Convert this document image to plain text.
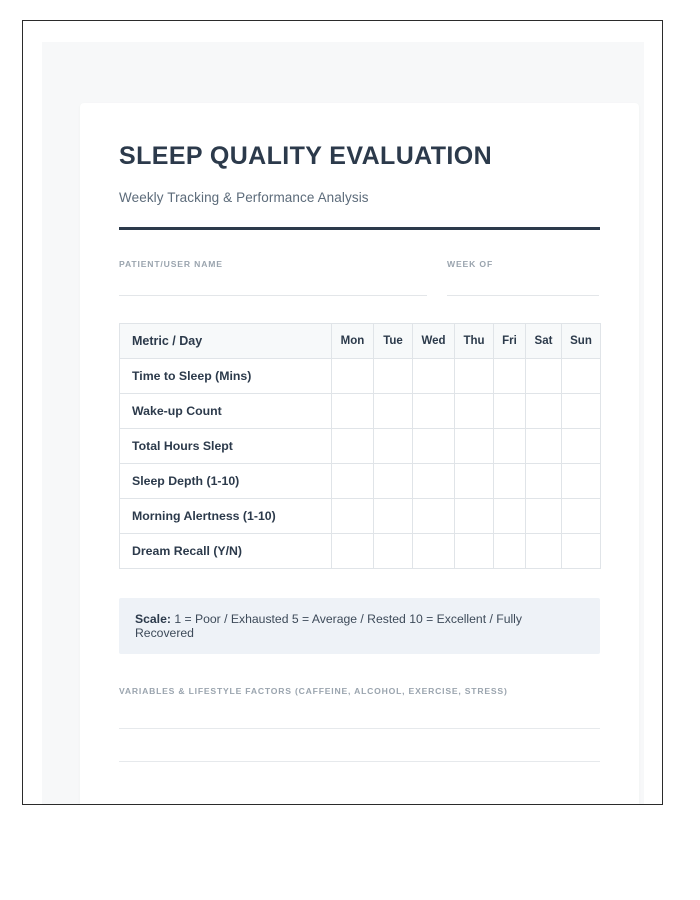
SLEEP QUALITY EVALUATION

Weekly Tracking & Performance Analysis

PATIENT/USER NAME	WEEK OF
Metric / Day	Mon	Tue	Wed	Thu	Fri	Sat	Sun
Time to Sleep (Mins)							
Wake-up Count							
Total Hours Slept							
Sleep Depth (1-10)							
Morning Alertness (1-10)							
Dream Recall (Y/N)							
Scale: 1 = Poor / Exhausted 5 = Average / Rested 10 = Excellent / Fully Recovered
VARIABLES & LIFESTYLE FACTORS (CAFFEINE, ALCOHOL, EXERCISE, STRESS)
